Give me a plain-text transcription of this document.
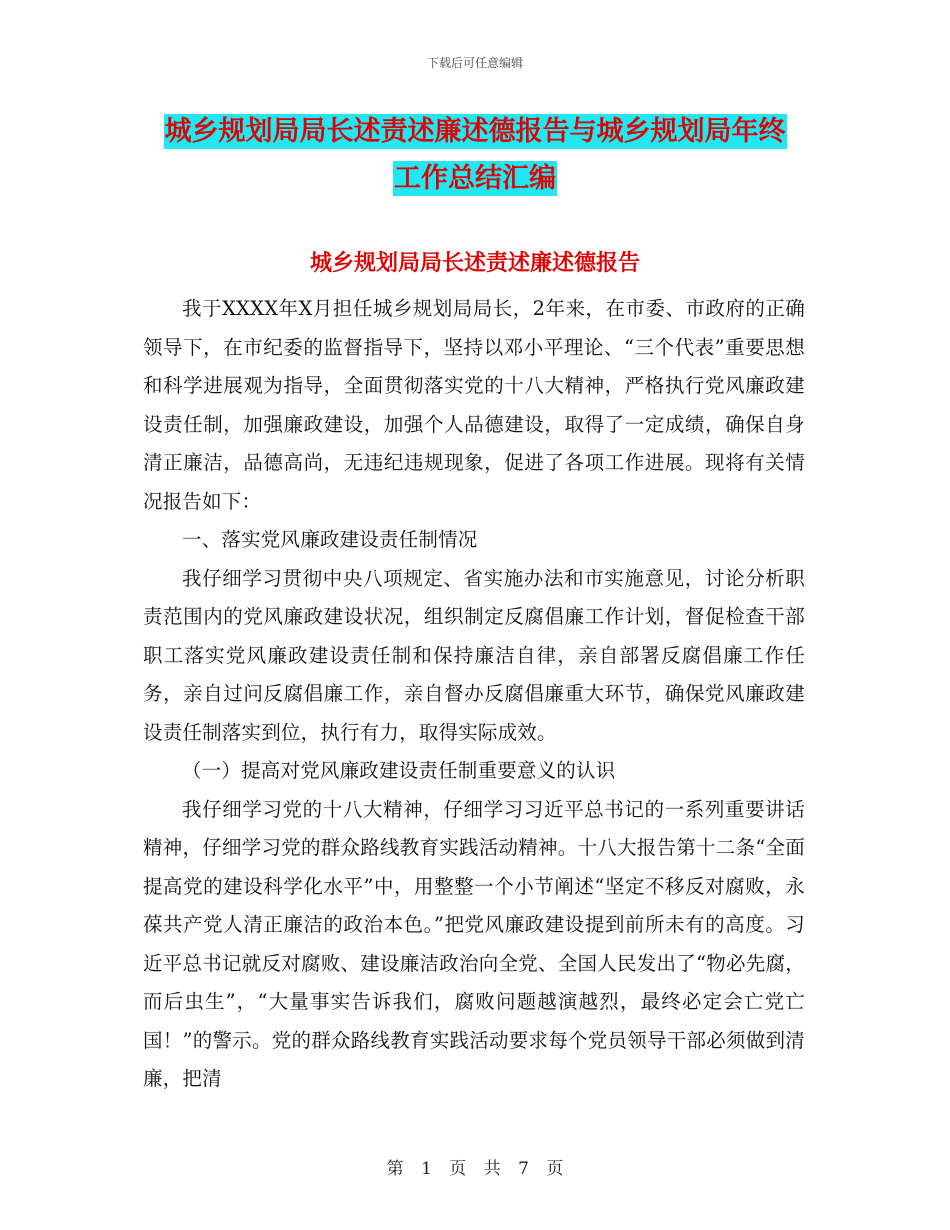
下载后可任意编辑
城乡规划局局长述责述廉述德报告与城乡规划局年终
工作总结汇编
城乡规划局局长述责述廉述德报告

我于XXXX年X月担任城乡规划局局长，2年来，在市委、市政府的正确领导下，在市纪委的监督指导下，坚持以邓小平理论、“三个代表”重要思想和科学进展观为指导，全面贯彻落实党的十八大精神，严格执行党风廉政建设责任制，加强廉政建设，加强个人品德建设，取得了一定成绩，确保自身清正廉洁，品德高尚，无违纪违规现象，促进了各项工作进展。现将有关情况报告如下：

一、落实党风廉政建设责任制情况

我仔细学习贯彻中央八项规定、省实施办法和市实施意见，讨论分析职责范围内的党风廉政建设状况，组织制定反腐倡廉工作计划，督促检查干部职工落实党风廉政建设责任制和保持廉洁自律，亲自部署反腐倡廉工作任务，亲自过问反腐倡廉工作，亲自督办反腐倡廉重大环节，确保党风廉政建设责任制落实到位，执行有力，取得实际成效。

（一）提高对党风廉政建设责任制重要意义的认识

我仔细学习党的十八大精神，仔细学习习近平总书记的一系列重要讲话精神，仔细学习党的群众路线教育实践活动精神。十八大报告第十二条“全面提高党的建设科学化水平”中，用整整一个小节阐述“坚定不移反对腐败，永葆共产党人清正廉洁的政治本色。”把党风廉政建设提到前所未有的高度。习近平总书记就反对腐败、建设廉洁政治向全党、全国人民发出了“物必先腐，而后虫生”，“大量事实告诉我们，腐败问题越演越烈，最终必定会亡党亡国！”的警示。党的群众路线教育实践活动要求每个党员领导干部必须做到清廉，把清

第 1 页 共 7 页
